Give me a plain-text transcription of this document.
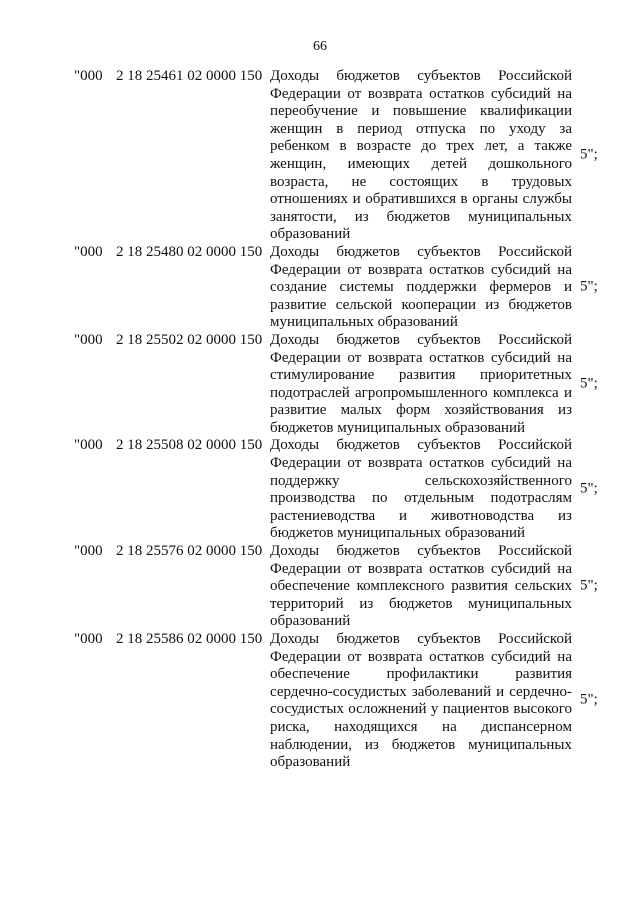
66
"000 2 18 25461 02 0000 150 Доходы бюджетов субъектов Российской Федерации от возврата остатков субсидий на переобучение и повышение квалификации женщин в период отпуска по уходу за ребенком в возрасте до трех лет, а также женщин, имеющих детей дошкольного возраста, не состоящих в трудовых отношениях и обратившихся в органы службы занятости, из бюджетов муниципальных образований
5";
"000 2 18 25480 02 0000 150 Доходы бюджетов субъектов Российской Федерации от возврата остатков субсидий на создание системы поддержки фермеров и развитие сельской кооперации из бюджетов муниципальных образований
5";
"000 2 18 25502 02 0000 150 Доходы бюджетов субъектов Российской Федерации от возврата остатков субсидий на стимулирование развития приоритетных подотраслей агропромышленного комплекса и развитие малых форм хозяйствования из бюджетов муниципальных образований
5";
"000 2 18 25508 02 0000 150 Доходы бюджетов субъектов Российской Федерации от возврата остатков субсидий на поддержку сельскохозяйственного производства по отдельным подотраслям растениеводства и животноводства из бюджетов муниципальных образований
5";
"000 2 18 25576 02 0000 150 Доходы бюджетов субъектов Российской Федерации от возврата остатков субсидий на обеспечение комплексного развития сельских территорий из бюджетов муниципальных образований
5";
"000 2 18 25586 02 0000 150 Доходы бюджетов субъектов Российской Федерации от возврата остатков субсидий на обеспечение профилактики развития сердечно-сосудистых заболеваний и сердечно-сосудистых осложнений у пациентов высокого риска, находящихся на диспансерном наблюдении, из бюджетов муниципальных образований
5";
